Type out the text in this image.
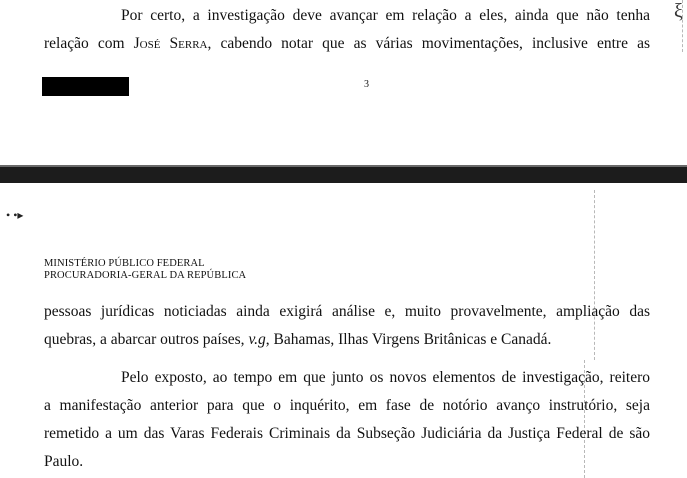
ξ
Por certo, a investigação deve avançar em relação a eles, ainda que não tenha
relação com José Serra, cabendo notar que as várias movimentações, inclusive entre as
3
• •▸
MINISTÉRIO PÚBLICO FEDERAL
PROCURADORIA-GERAL DA REPÚBLICA
pessoas jurídicas noticiadas ainda exigirá análise e, muito provavelmente, ampliação das
quebras, a abarcar outros países, v.g, Bahamas, Ilhas Virgens Britânicas e Canadá.
Pelo exposto, ao tempo em que junto os novos elementos de investigação, reitero
a manifestação anterior para que o inquérito, em fase de notório avanço instrutório, seja
remetido a um das Varas Federais Criminais da Subseção Judiciária da Justiça Federal de são
Paulo.
